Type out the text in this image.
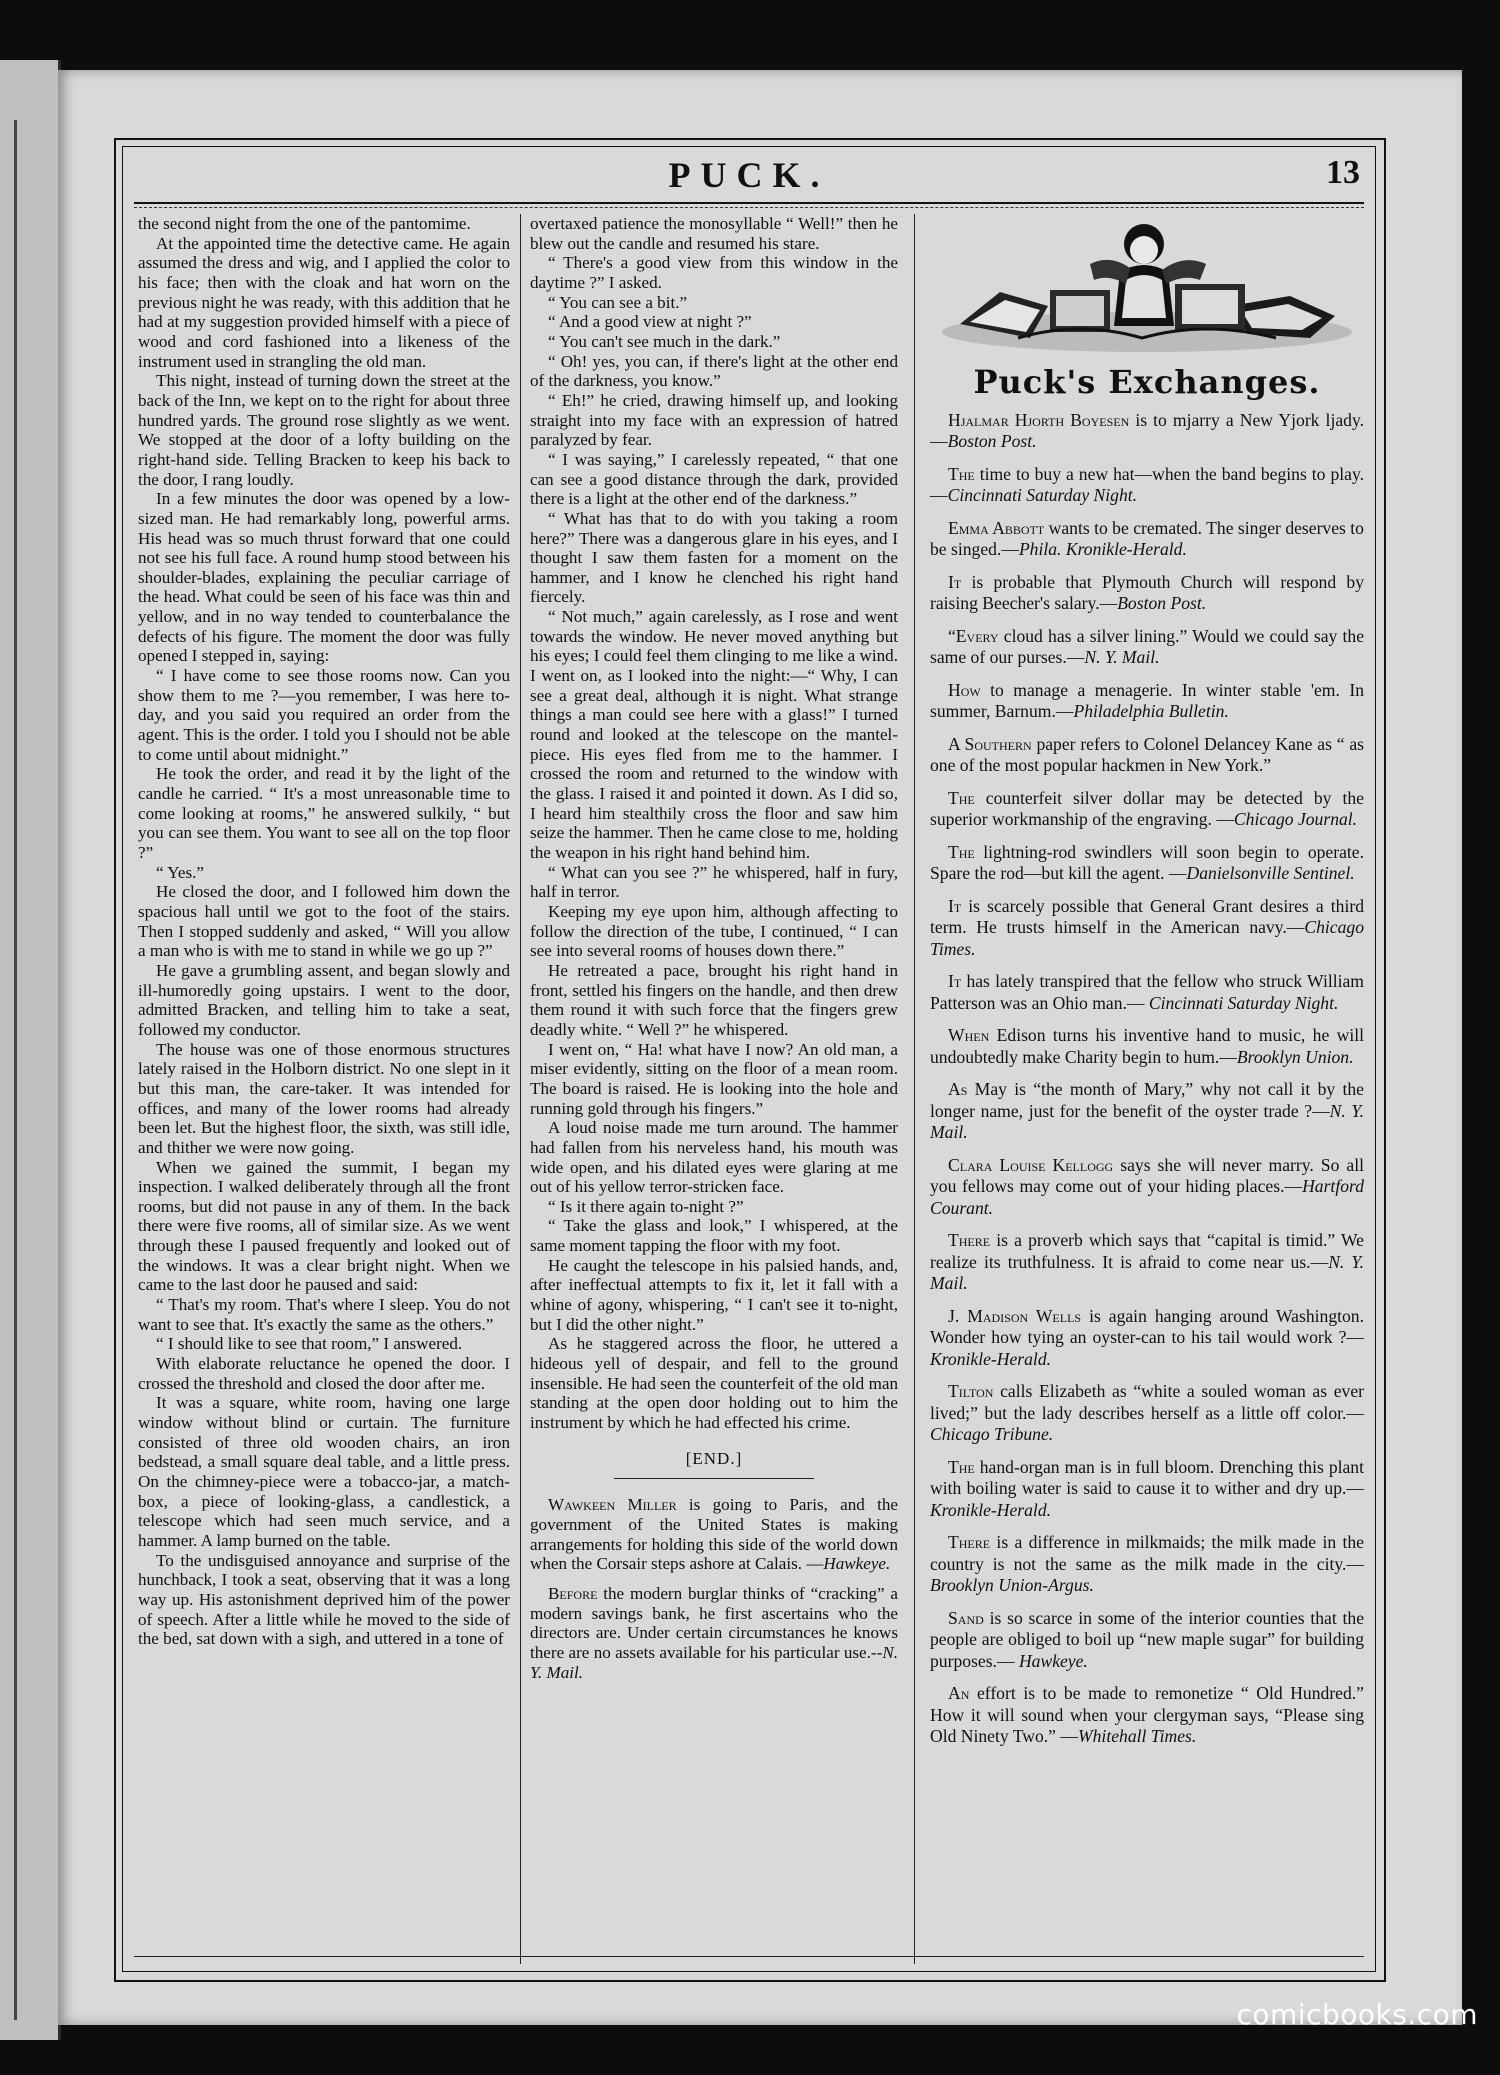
PUCK.	13

the second night from the one of the pantomime.

At the appointed time the detective came. He again assumed the dress and wig, and I applied the color to his face; then with the cloak and hat worn on the previous night he was ready, with this addition that he had at my suggestion provided himself with a piece of wood and cord fashioned into a likeness of the instrument used in strangling the old man.

This night, instead of turning down the street at the back of the Inn, we kept on to the right for about three hundred yards. The ground rose slightly as we went. We stopped at the door of a lofty building on the right-hand side. Telling Bracken to keep his back to the door, I rang loudly.

In a few minutes the door was opened by a low-sized man. He had remarkably long, powerful arms. His head was so much thrust forward that one could not see his full face. A round hump stood between his shoulder-blades, explaining the peculiar carriage of the head. What could be seen of his face was thin and yellow, and in no way tended to counterbalance the defects of his figure. The moment the door was fully opened I stepped in, saying:

“ I have come to see those rooms now. Can you show them to me ?—you remember, I was here to-day, and you said you required an order from the agent. This is the order. I told you I should not be able to come until about midnight.”

He took the order, and read it by the light of the candle he carried. “ It's a most unreasonable time to come looking at rooms,” he answered sulkily, “ but you can see them. You want to see all on the top floor ?”

“ Yes.”

He closed the door, and I followed him down the spacious hall until we got to the foot of the stairs. Then I stopped suddenly and asked, “ Will you allow a man who is with me to stand in while we go up ?”

He gave a grumbling assent, and began slowly and ill-humoredly going upstairs. I went to the door, admitted Bracken, and telling him to take a seat, followed my conductor.

The house was one of those enormous structures lately raised in the Holborn district. No one slept in it but this man, the care-taker. It was intended for offices, and many of the lower rooms had already been let. But the highest floor, the sixth, was still idle, and thither we were now going.

When we gained the summit, I began my inspection. I walked deliberately through all the front rooms, but did not pause in any of them. In the back there were five rooms, all of similar size. As we went through these I paused frequently and looked out of the windows. It was a clear bright night. When we came to the last door he paused and said:

“ That's my room. That's where I sleep. You do not want to see that. It's exactly the same as the others.”

“ I should like to see that room,” I answered.

With elaborate reluctance he opened the door. I crossed the threshold and closed the door after me.

It was a square, white room, having one large window without blind or curtain. The furniture consisted of three old wooden chairs, an iron bedstead, a small square deal table, and a little press. On the chimney-piece were a tobacco-jar, a match-box, a piece of looking-glass, a candlestick, a telescope which had seen much service, and a hammer. A lamp burned on the table.

To the undisguised annoyance and surprise of the hunchback, I took a seat, observing that it was a long way up. His astonishment deprived him of the power of speech. After a little while he moved to the side of the bed, sat down with a sigh, and uttered in a tone of

overtaxed patience the monosyllable “ Well!” then he blew out the candle and resumed his stare.

“ There's a good view from this window in the daytime ?” I asked.

“ You can see a bit.”

“ And a good view at night ?”

“ You can't see much in the dark.”

“ Oh! yes, you can, if there's light at the other end of the darkness, you know.”

“ Eh!” he cried, drawing himself up, and looking straight into my face with an expression of hatred paralyzed by fear.

“ I was saying,” I carelessly repeated, “ that one can see a good distance through the dark, provided there is a light at the other end of the darkness.”

“ What has that to do with you taking a room here?” There was a dangerous glare in his eyes, and I thought I saw them fasten for a moment on the hammer, and I know he clenched his right hand fiercely.

“ Not much,” again carelessly, as I rose and went towards the window. He never moved anything but his eyes; I could feel them clinging to me like a wind. I went on, as I looked into the night:—“ Why, I can see a great deal, although it is night. What strange things a man could see here with a glass!” I turned round and looked at the telescope on the mantel-piece. His eyes fled from me to the hammer. I crossed the room and returned to the window with the glass. I raised it and pointed it down. As I did so, I heard him stealthily cross the floor and saw him seize the hammer. Then he came close to me, holding the weapon in his right hand behind him.

“ What can you see ?” he whispered, half in fury, half in terror.

Keeping my eye upon him, although affecting to follow the direction of the tube, I continued, “ I can see into several rooms of houses down there.”

He retreated a pace, brought his right hand in front, settled his fingers on the handle, and then drew them round it with such force that the fingers grew deadly white. “ Well ?” he whispered.

I went on, “ Ha! what have I now? An old man, a miser evidently, sitting on the floor of a mean room. The board is raised. He is looking into the hole and running gold through his fingers.”

A loud noise made me turn around. The hammer had fallen from his nerveless hand, his mouth was wide open, and his dilated eyes were glaring at me out of his yellow terror-stricken face.

“ Is it there again to-night ?”

“ Take the glass and look,” I whispered, at the same moment tapping the floor with my foot.

He caught the telescope in his palsied hands, and, after ineffectual attempts to fix it, let it fall with a whine of agony, whispering, “ I can't see it to-night, but I did the other night.”

As he staggered across the floor, he uttered a hideous yell of despair, and fell to the ground insensible. He had seen the counterfeit of the old man standing at the open door holding out to him the instrument by which he had effected his crime.

[END.]

Wawkeen Miller is going to Paris, and the government of the United States is making arrangements for holding this side of the world down when the Corsair steps ashore at Calais. —Hawkeye.

Before the modern burglar thinks of “cracking” a modern savings bank, he first ascertains who the directors are. Under certain circumstances he knows there are no assets available for his particular use.--N. Y. Mail.

Puck's Exchanges.

Hjalmar Hjorth Boyesen is to mjarry a New Yjork ljady.—Boston Post.

The time to buy a new hat—when the band begins to play.—Cincinnati Saturday Night.

Emma Abbott wants to be cremated. The singer deserves to be singed.—Phila. Kronikle-Herald.

It is probable that Plymouth Church will respond by raising Beecher's salary.—Boston Post.

“Every cloud has a silver lining.” Would we could say the same of our purses.—N. Y. Mail.

How to manage a menagerie. In winter stable 'em. In summer, Barnum.—Philadelphia Bulletin.

A Southern paper refers to Colonel Delancey Kane as “ as one of the most popular hackmen in New York.”

The counterfeit silver dollar may be detected by the superior workmanship of the engraving. —Chicago Journal.

The lightning-rod swindlers will soon begin to operate. Spare the rod—but kill the agent. —Danielsonville Sentinel.

It is scarcely possible that General Grant desires a third term. He trusts himself in the American navy.—Chicago Times.

It has lately transpired that the fellow who struck William Patterson was an Ohio man.— Cincinnati Saturday Night.

When Edison turns his inventive hand to music, he will undoubtedly make Charity begin to hum.—Brooklyn Union.

As May is “the month of Mary,” why not call it by the longer name, just for the benefit of the oyster trade ?—N. Y. Mail.

Clara Louise Kellogg says she will never marry. So all you fellows may come out of your hiding places.—Hartford Courant.

There is a proverb which says that “capital is timid.” We realize its truthfulness. It is afraid to come near us.—N. Y. Mail.

J. Madison Wells is again hanging around Washington. Wonder how tying an oyster-can to his tail would work ?—Kronikle-Herald.

Tilton calls Elizabeth as “white a souled woman as ever lived;” but the lady describes herself as a little off color.—Chicago Tribune.

The hand-organ man is in full bloom. Drenching this plant with boiling water is said to cause it to wither and dry up.—Kronikle-Herald.

There is a difference in milkmaids; the milk made in the country is not the same as the milk made in the city.—Brooklyn Union-Argus.

Sand is so scarce in some of the interior counties that the people are obliged to boil up “new maple sugar” for building purposes.— Hawkeye.

An effort is to be made to remonetize “ Old Hundred.” How it will sound when your clergyman says, “Please sing Old Ninety Two.” —Whitehall Times.

comicbooks.com
